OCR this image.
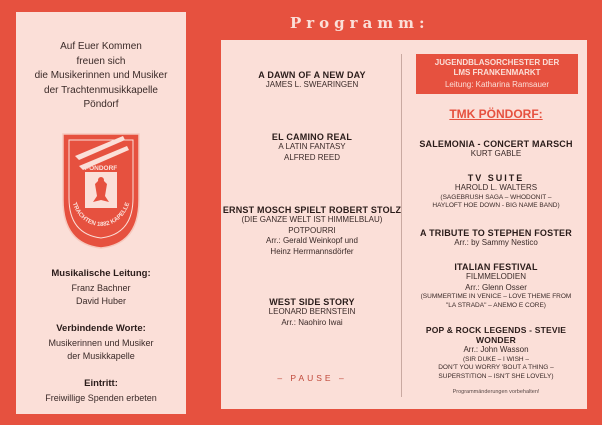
Programm:
Auf Euer Kommen
freuen sich
die Musikerinnen und Musiker
der Trachtenmusikkapelle
Pöndorf
PÖNDORF
TRACHTEN 1882 KAPELLE
Musikalische Leitung:
Franz Bachner
David Huber
Verbindende Worte:
Musikerinnen und Musiker
der Musikkapelle
Eintritt:
Freiwillige Spenden erbeten
A DAWN OF A NEW DAY
JAMES L. SWEARINGEN
EL CAMINO REAL
A LATIN FANTASY
ALFRED REED
ERNST MOSCH SPIELT ROBERT STOLZ
(DIE GANZE WELT IST HIMMELBLAU)
POTPOURRI
Arr.: Gerald Weinkopf und
Heinz Herrmannsdörfer
WEST SIDE STORY
LEONARD BERNSTEIN
Arr.: Naohiro Iwai
– PAUSE –
JUGENDBLASORCHESTER DER
LMS FRANKENMARKT
Leitung: Katharina Ramsauer
TMK PÖNDORF:
SALEMONIA - CONCERT MARSCH
KURT GABLE
TV SUITE
HAROLD L. WALTERS
(SAGEBRUSH SAGA – WHODONIT –
HAYLOFT HOE DOWN - BIG NAME BAND)
A TRIBUTE TO STEPHEN FOSTER
Arr.: by Sammy Nestico
ITALIAN FESTIVAL
FILMMELODIEN
Arr.: Glenn Osser
(SUMMERTIME IN VENICE – LOVE THEME FROM
"LA STRADA" – ANEMO E CORE)
POP & ROCK LEGENDS - STEVIE WONDER
Arr.: John Wasson
(SIR DUKE – I WISH –
DON'T YOU WORRY 'BOUT A THING –
SUPERSTITION – ISN'T SHE LOVELY)
Programmänderungen vorbehalten!
